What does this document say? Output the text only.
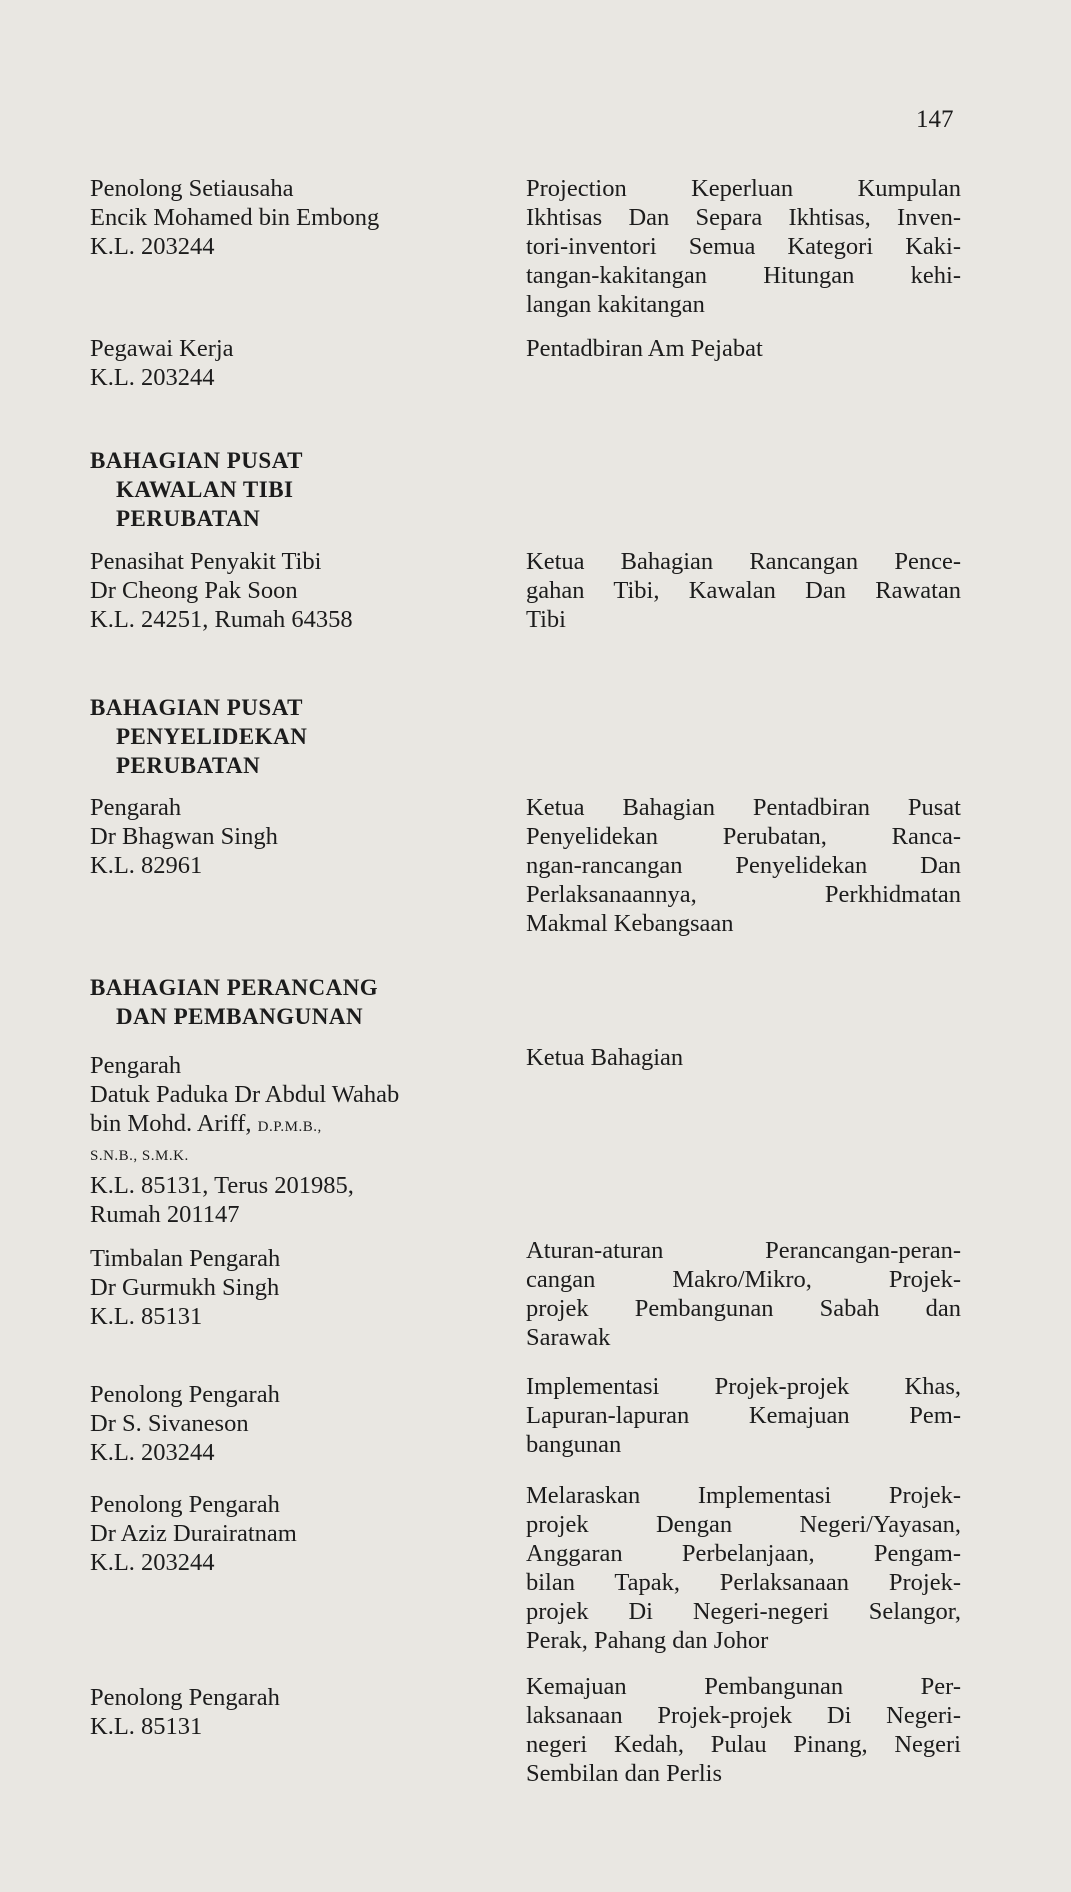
147
Penolong Setiausaha
Encik Mohamed bin Embong
K.L. 203244
Projection Keperluan Kumpulan
Ikhtisas Dan Separa Ikhtisas, Inven-
tori-inventori Semua Kategori Kaki-
tangan-kakitangan Hitungan kehi-
langan kakitangan
Pegawai Kerja
K.L. 203244
Pentadbiran Am Pejabat
BAHAGIAN PUSAT
KAWALAN TIBI
PERUBATAN
Penasihat Penyakit Tibi
Dr Cheong Pak Soon
K.L. 24251, Rumah 64358
Ketua Bahagian Rancangan Pence-
gahan Tibi, Kawalan Dan Rawatan
Tibi
BAHAGIAN PUSAT
PENYELIDEKAN
PERUBATAN
Pengarah
Dr Bhagwan Singh
K.L. 82961
Ketua Bahagian Pentadbiran Pusat
Penyelidekan Perubatan, Ranca-
ngan-rancangan Penyelidekan Dan
Perlaksanaannya, Perkhidmatan
Makmal Kebangsaan
BAHAGIAN PERANCANG
DAN PEMBANGUNAN
Pengarah
Datuk Paduka Dr Abdul Wahab
bin Mohd. Ariff, D.P.M.B.,
S.N.B., S.M.K.
K.L. 85131, Terus 201985,
Rumah 201147
Ketua Bahagian
Timbalan Pengarah
Dr Gurmukh Singh
K.L. 85131
Aturan-aturan Perancangan-peran-
cangan Makro/Mikro, Projek-
projek Pembangunan Sabah dan
Sarawak
Penolong Pengarah
Dr S. Sivaneson
K.L. 203244
Implementasi Projek-projek Khas,
Lapuran-lapuran Kemajuan Pem-
bangunan
Penolong Pengarah
Dr Aziz Durairatnam
K.L. 203244
Melaraskan Implementasi Projek-
projek Dengan Negeri/Yayasan,
Anggaran Perbelanjaan, Pengam-
bilan Tapak, Perlaksanaan Projek-
projek Di Negeri-negeri Selangor,
Perak, Pahang dan Johor
Penolong Pengarah
K.L. 85131
Kemajuan Pembangunan Per-
laksanaan Projek-projek Di Negeri-
negeri Kedah, Pulau Pinang, Negeri
Sembilan dan Perlis
